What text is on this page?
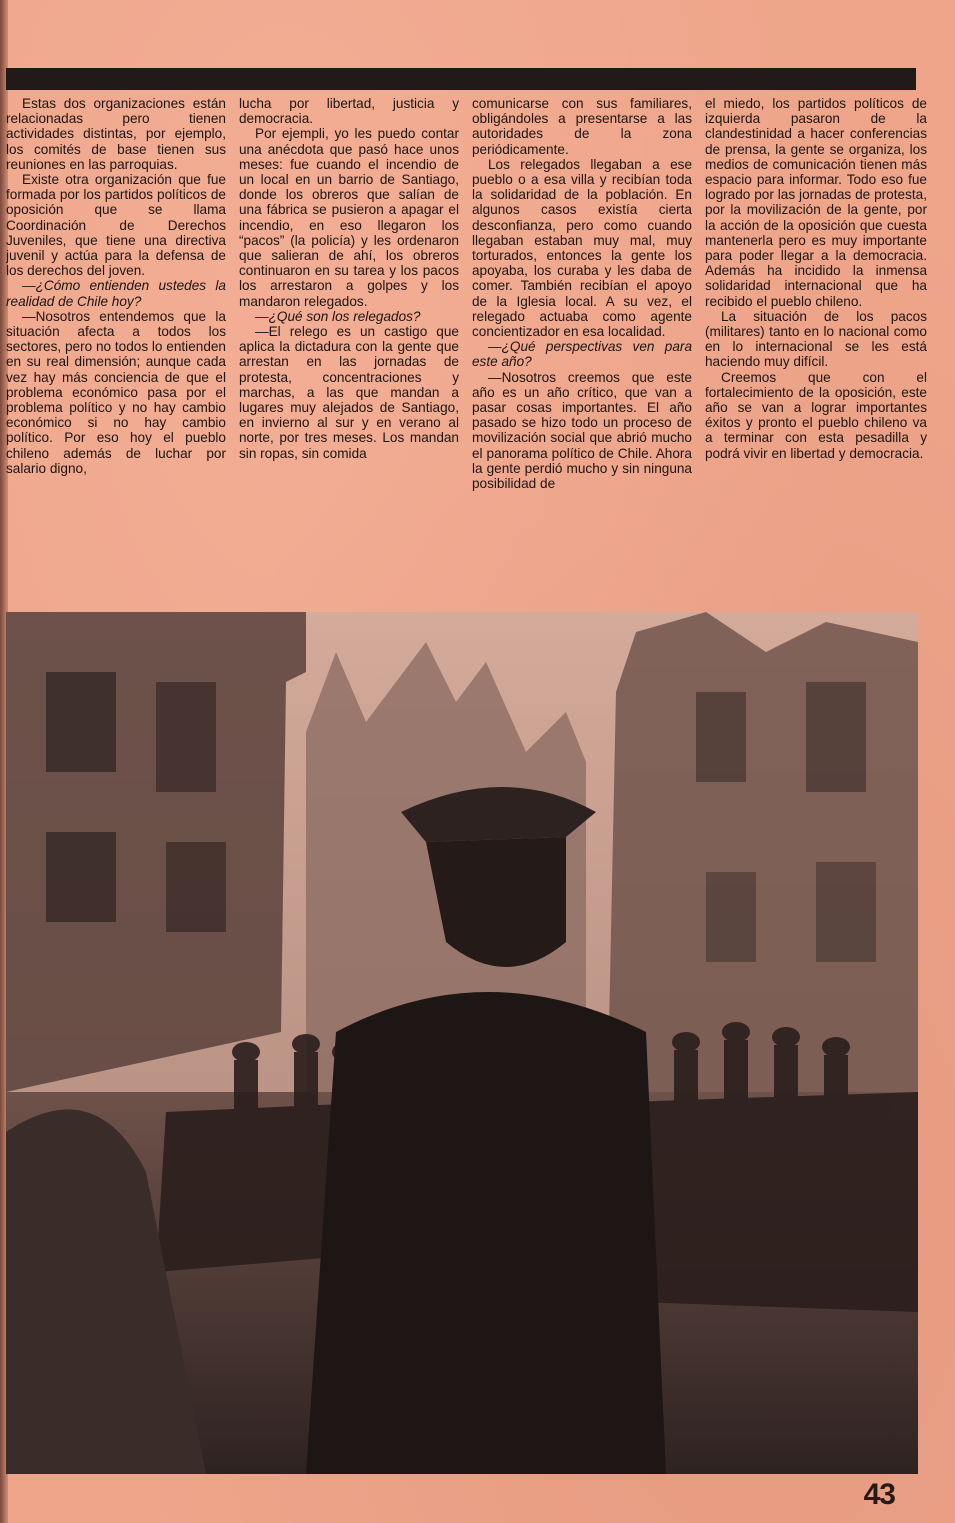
Estas dos organizaciones están relacionadas pero tienen actividades distintas, por ejemplo, los comités de base tienen sus reuniones en las parroquias.

Existe otra organización que fue formada por los partidos políticos de oposición que se llama Coordinación de Derechos Juveniles, que tiene una directiva juvenil y actúa para la defensa de los derechos del joven.

—¿Cómo entienden ustedes la realidad de Chile hoy?

—Nosotros entendemos que la situación afecta a todos los sectores, pero no todos lo entienden en su real dimensión; aunque cada vez hay más conciencia de que el problema económico pasa por el problema político y no hay cambio económico si no hay cambio político. Por eso hoy el pueblo chileno además de luchar por salario digno,

lucha por libertad, justicia y democracia.

Por ejempli, yo les puedo contar una anécdota que pasó hace unos meses: fue cuando el incendio de un local en un barrio de Santiago, donde los obreros que salían de una fábrica se pusieron a apagar el incendio, en eso llegaron los “pacos” (la policía) y les ordenaron que salieran de ahí, los obreros continuaron en su tarea y los pacos los arrestaron a golpes y los mandaron relegados.

—¿Qué son los relegados?

—El relego es un castigo que aplica la dictadura con la gente que arrestan en las jornadas de protesta, concentraciones y marchas, a las que mandan a lugares muy alejados de Santiago, en invierno al sur y en verano al norte, por tres meses. Los mandan sin ropas, sin comida

comunicarse con sus familiares, obligándoles a presentarse a las autoridades de la zona periódicamente.

Los relegados llegaban a ese pueblo o a esa villa y recibían toda la solidaridad de la población. En algunos casos existía cierta desconfianza, pero como cuando llegaban estaban muy mal, muy torturados, entonces la gente los apoyaba, los curaba y les daba de comer. También recibían el apoyo de la Iglesia local. A su vez, el relegado actuaba como agente concientizador en esa localidad.

—¿Qué perspectivas ven para este año?

—Nosotros creemos que este año es un año crítico, que van a pasar cosas importantes. El año pasado se hizo todo un proceso de movilización social que abrió mucho el panorama político de Chile. Ahora la gente perdió mucho y sin ninguna posibilidad de

el miedo, los partidos políticos de izquierda pasaron de la clandestinidad a hacer conferencias de prensa, la gente se organiza, los medios de comunicación tienen más espacio para informar. Todo eso fue logrado por las jornadas de protesta, por la movilización de la gente, por la acción de la oposición que cuesta mantenerla pero es muy importante para poder llegar a la democracia. Además ha incidido la inmensa solidaridad internacional que ha recibido el pueblo chileno.

La situación de los pacos (militares) tanto en lo nacional como en lo internacional se les está haciendo muy difícil.

Creemos que con el fortalecimiento de la oposición, este año se van a lograr importantes éxitos y pronto el pueblo chileno va a terminar con esta pesadilla y podrá vivir en libertad y democracia.

43
